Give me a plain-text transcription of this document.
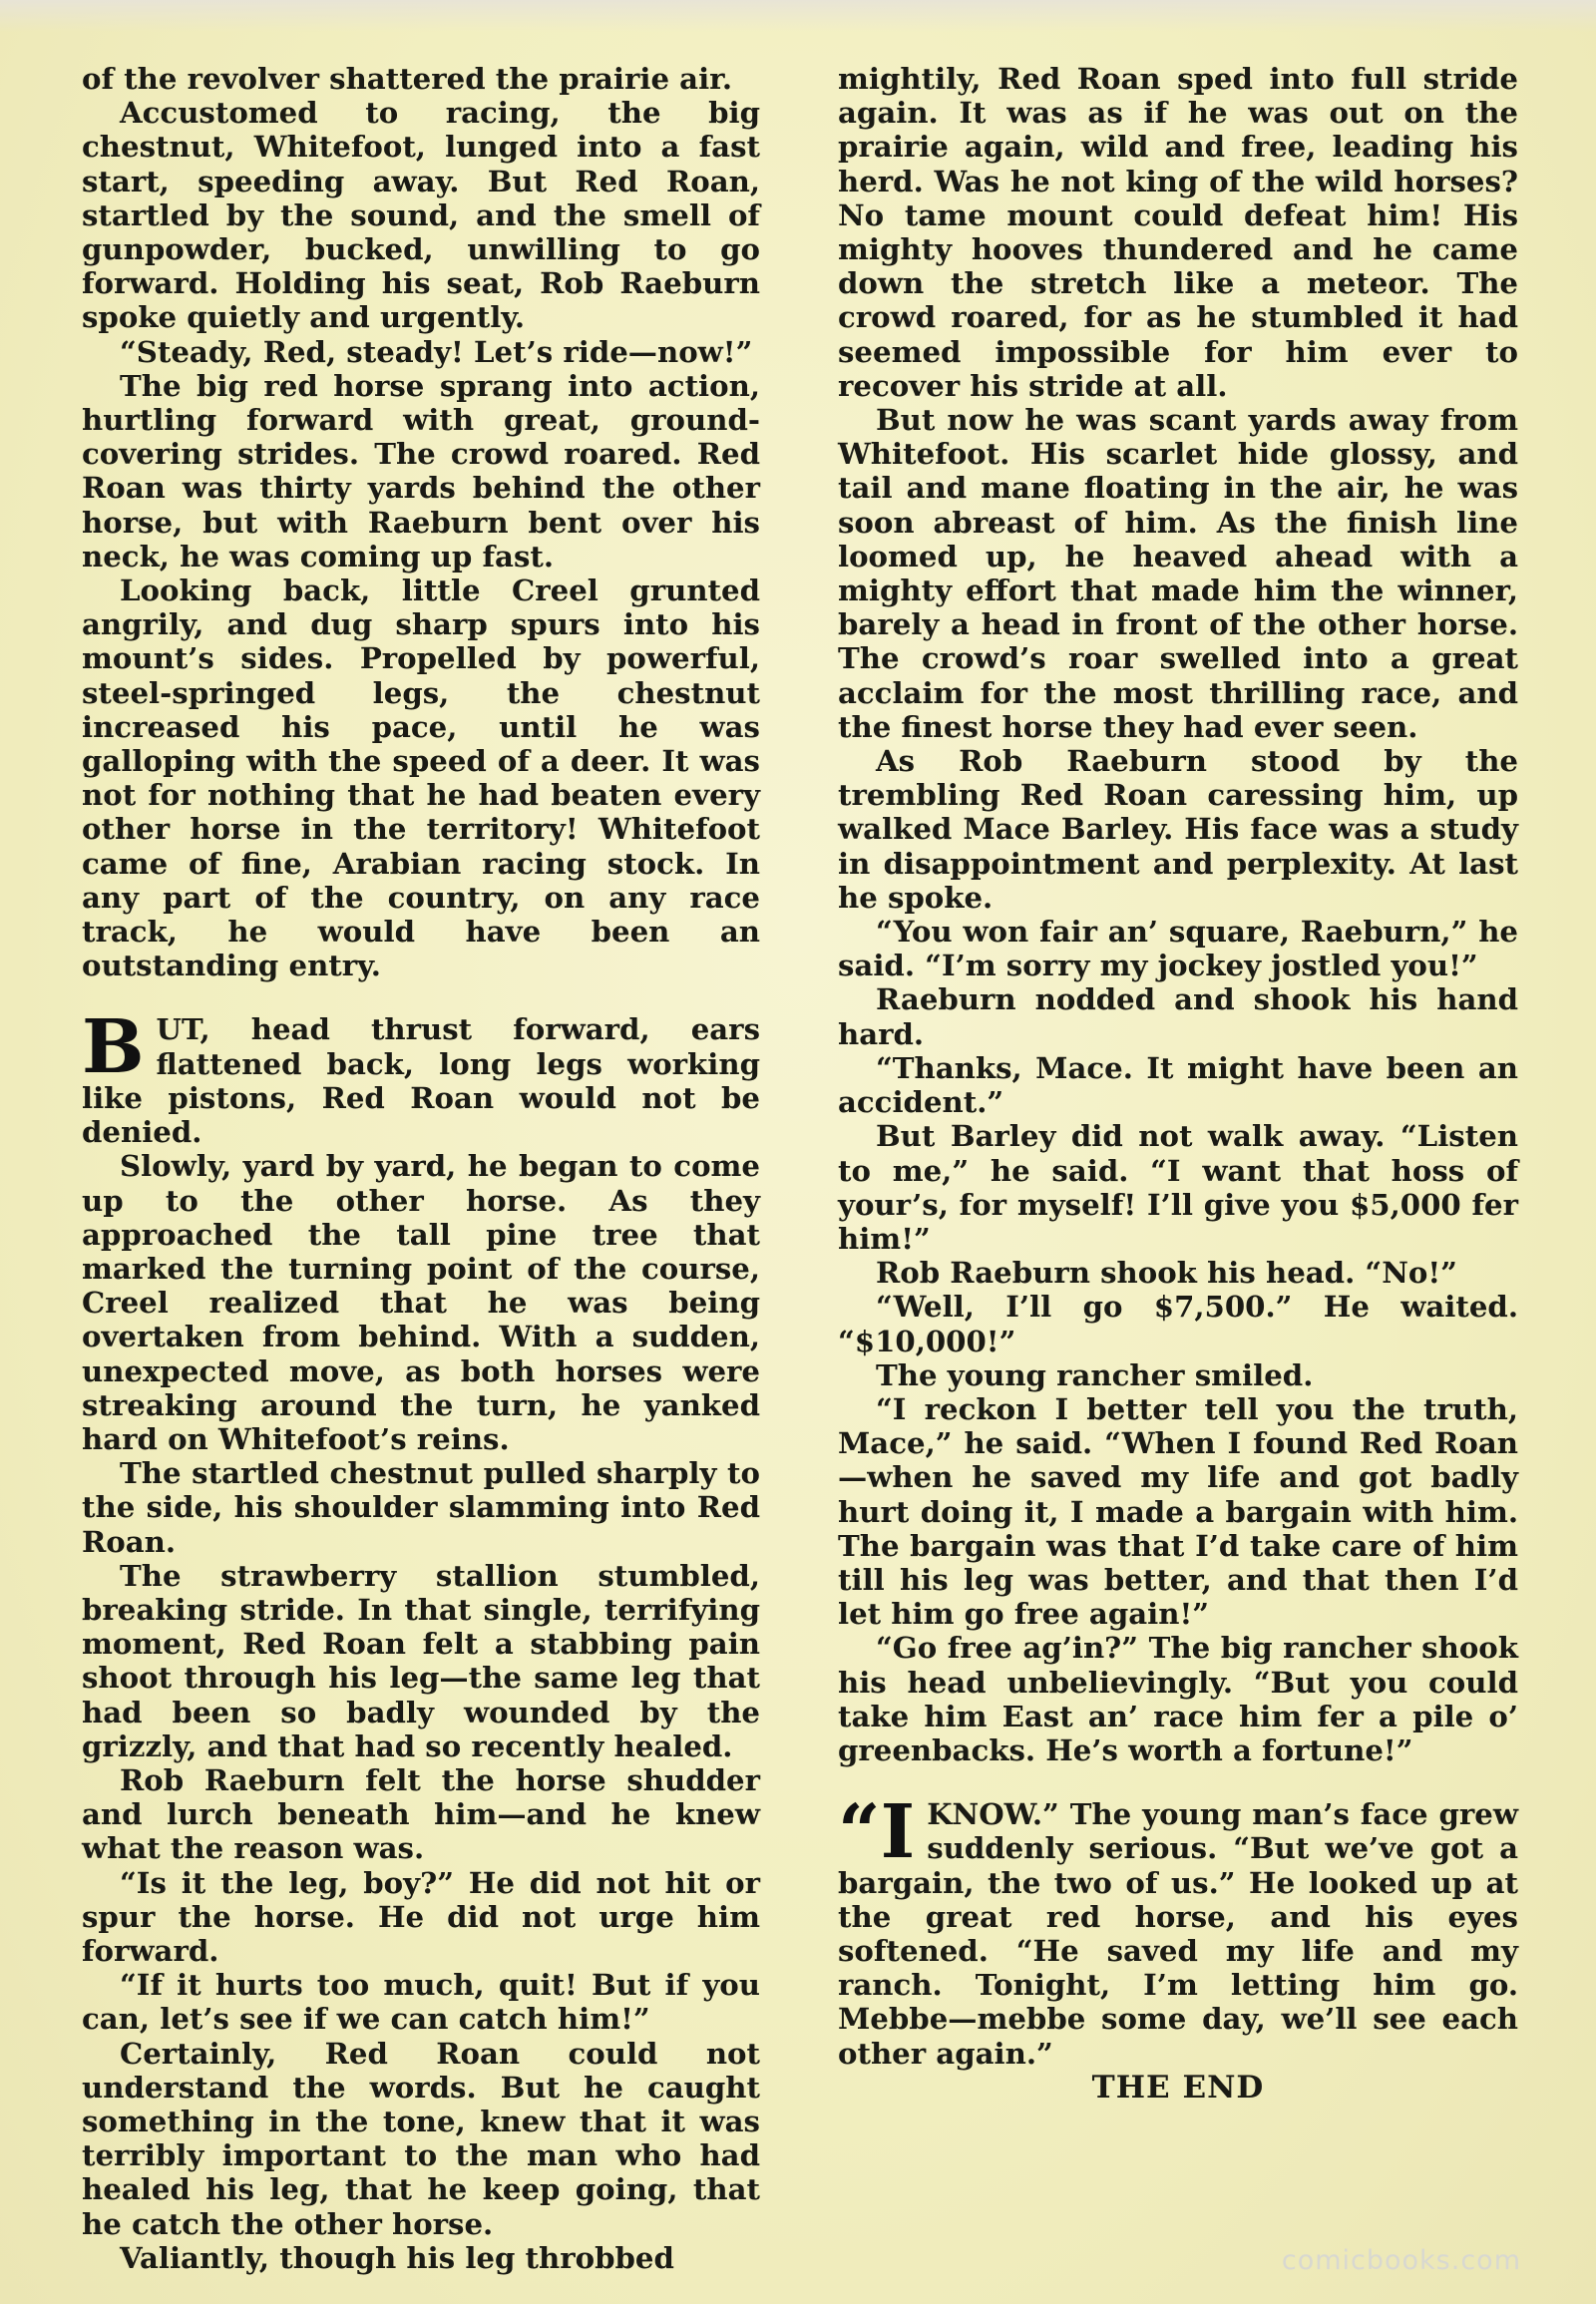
of the revolver shattered the prairie air.

Accustomed to racing, the big chestnut, Whitefoot, lunged into a fast start, speeding away. But Red Roan, startled by the sound, and the smell of gunpowder, bucked, unwilling to go forward. Holding his seat, Rob Raeburn spoke quietly and urgently.

“Steady, Red, steady! Let’s ride—now!”

The big red horse sprang into action, hurtling forward with great, ground-covering strides. The crowd roared. Red Roan was thirty yards behind the other horse, but with Raeburn bent over his neck, he was coming up fast.

Looking back, little Creel grunted angrily, and dug sharp spurs into his mount’s sides. Propelled by powerful, steel-springed legs, the chestnut increased his pace, until he was galloping with the speed of a deer. It was not for nothing that he had beaten every other horse in the territory! Whitefoot came of fine, Arabian racing stock. In any part of the country, on any race track, he would have been an outstanding entry.

B UT, head thrust forward, ears flattened back, long legs working like pistons, Red Roan would not be denied.

Slowly, yard by yard, he began to come up to the other horse. As they approached the tall pine tree that marked the turning point of the course, Creel realized that he was being overtaken from behind. With a sudden, unexpected move, as both horses were streaking around the turn, he yanked hard on Whitefoot’s reins.

The startled chestnut pulled sharply to the side, his shoulder slamming into Red Roan.

The strawberry stallion stumbled, breaking stride. In that single, terrifying moment, Red Roan felt a stabbing pain shoot through his leg—the same leg that had been so badly wounded by the grizzly, and that had so recently healed.

Rob Raeburn felt the horse shudder and lurch beneath him—and he knew what the reason was.

“Is it the leg, boy?” He did not hit or spur the horse. He did not urge him forward.

“If it hurts too much, quit! But if you can, let’s see if we can catch him!”

Certainly, Red Roan could not understand the words. But he caught something in the tone, knew that it was terribly important to the man who had healed his leg, that he keep going, that he catch the other horse.

Valiantly, though his leg throbbed

mightily, Red Roan sped into full stride again. It was as if he was out on the prairie again, wild and free, leading his herd. Was he not king of the wild horses? No tame mount could defeat him! His mighty hooves thundered and he came down the stretch like a meteor. The crowd roared, for as he stumbled it had seemed impossible for him ever to recover his stride at all.

But now he was scant yards away from Whitefoot. His scarlet hide glossy, and tail and mane floating in the air, he was soon abreast of him. As the finish line loomed up, he heaved ahead with a mighty effort that made him the winner, barely a head in front of the other horse. The crowd’s roar swelled into a great acclaim for the most thrilling race, and the finest horse they had ever seen.

As Rob Raeburn stood by the trembling Red Roan caressing him, up walked Mace Barley. His face was a study in disappointment and perplexity. At last he spoke.

“You won fair an’ square, Raeburn,” he said. “I’m sorry my jockey jostled you!”

Raeburn nodded and shook his hand hard.

“Thanks, Mace. It might have been an accident.”

But Barley did not walk away. “Listen to me,” he said. “I want that hoss of your’s, for myself! I’ll give you $5,000 fer him!”

Rob Raeburn shook his head. “No!”

“Well, I’ll go $7,500.” He waited. “$10,000!”

The young rancher smiled.

“I reckon I better tell you the truth, Mace,” he said. “When I found Red Roan—when he saved my life and got badly hurt doing it, I made a bargain with him. The bargain was that I’d take care of him till his leg was better, and that then I’d let him go free again!”

“Go free ag’in?” The big rancher shook his head unbelievingly. “But you could take him East an’ race him fer a pile o’ greenbacks. He’s worth a fortune!”

“I KNOW.” The young man’s face grew suddenly serious. “But we’ve got a bargain, the two of us.” He looked up at the great red horse, and his eyes softened. “He saved my life and my ranch. Tonight, I’m letting him go. Mebbe—mebbe some day, we’ll see each other again.”

THE END

comicbooks.com
